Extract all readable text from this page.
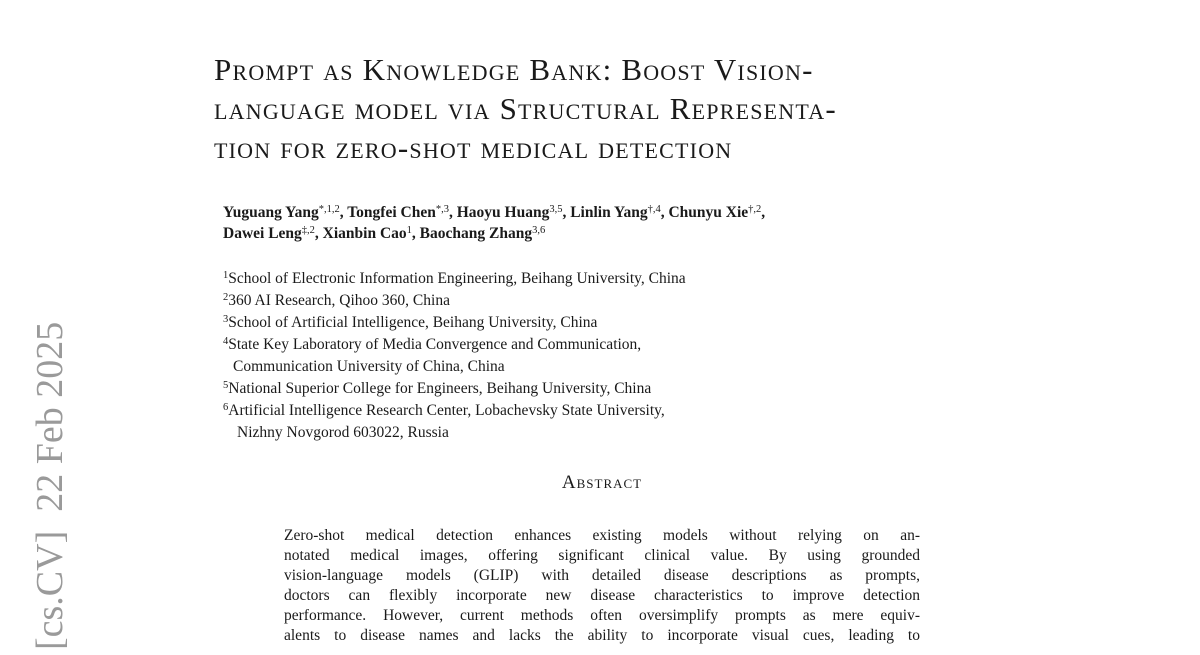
[cs.CV]  22 Feb 2025
Prompt as Knowledge Bank: Boost Vision-
language model via Structural Representa-
tion for zero-shot medical detection
Yuguang Yang$^{*,1,2}$, Tongfei Chen$^{*,3}$, Haoyu Huang$^{3,5}$, Linlin Yang$^{\dagger,4}$, Chunyu Xie$^{\dagger,2}$,
Dawei Leng$^{\ddagger,2}$, Xianbin Cao$^1$, Baochang Zhang$^{3,6}$
$^1$School of Electronic Information Engineering, Beihang University, China
$^2$360 AI Research, Qihoo 360, China
$^3$School of Artificial Intelligence, Beihang University, China
$^4$State Key Laboratory of Media Convergence and Communication,
Communication University of China, China
$^5$National Superior College for Engineers, Beihang University, China
$^6$Artificial Intelligence Research Center, Lobachevsky State University,
Nizhny Novgorod 603022, Russia
Abstract
Zero-shot medical detection enhances existing models without relying on an-
notated medical images, offering significant clinical value. By using grounded
vision-language models (GLIP) with detailed disease descriptions as prompts,
doctors can flexibly incorporate new disease characteristics to improve detection
performance. However, current methods often oversimplify prompts as mere equiv-
alents to disease names and lacks the ability to incorporate visual cues, leading to
